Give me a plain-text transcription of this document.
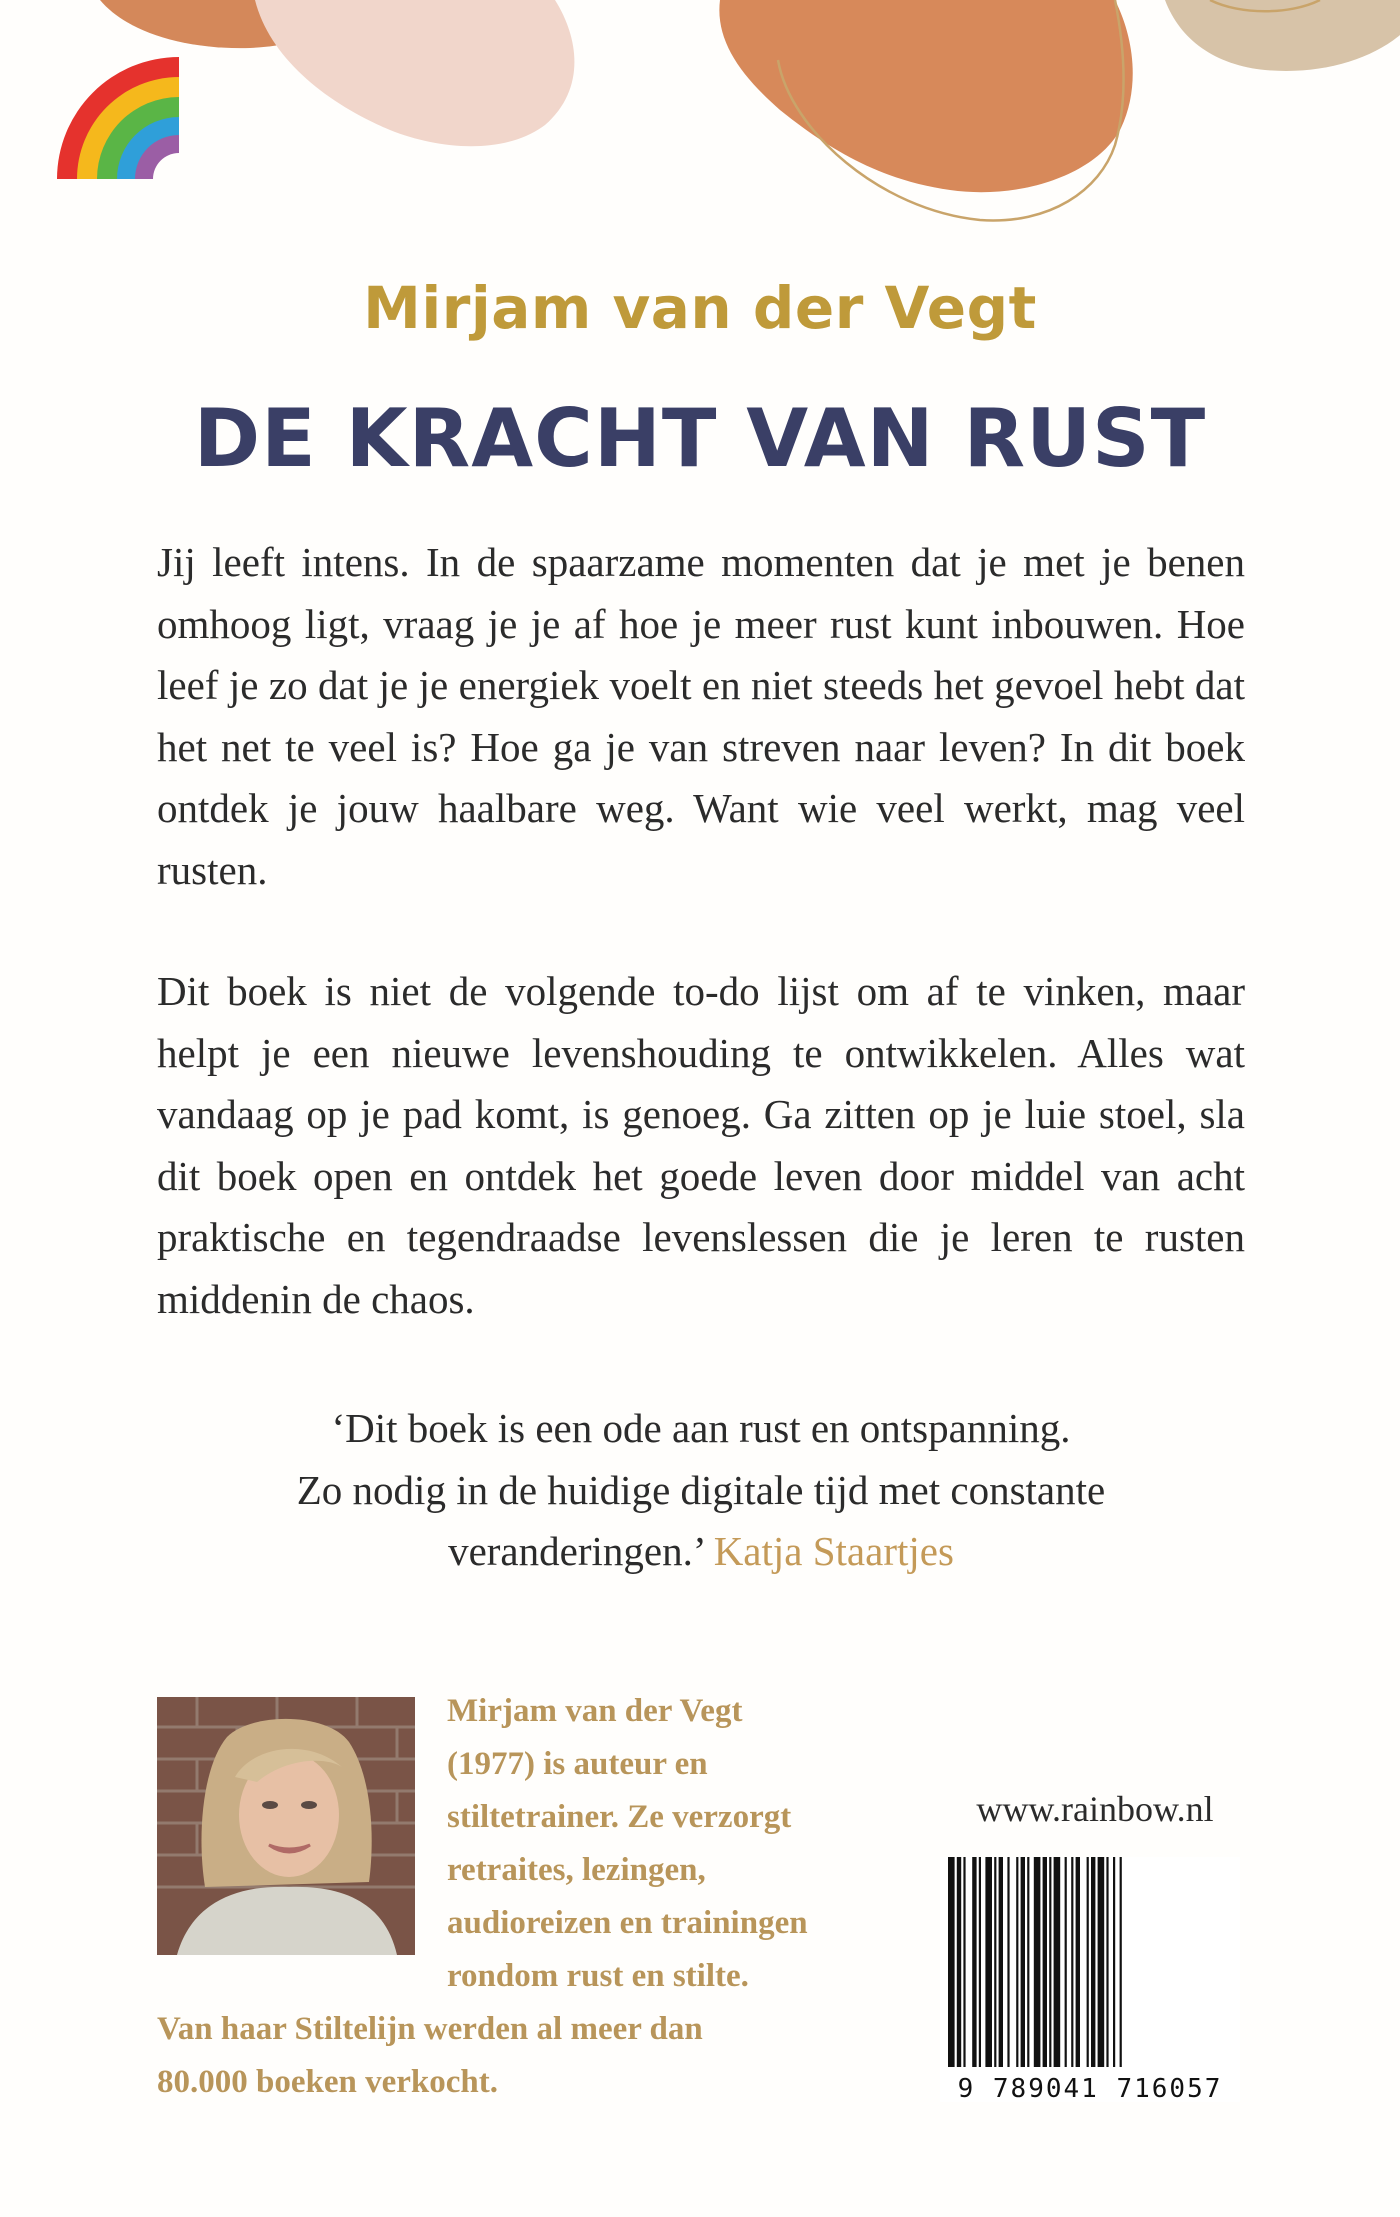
Mirjam van der Vegt
DE KRACHT VAN RUST

Jij leeft intens. In de spaarzame momenten dat je met je benen omhoog ligt, vraag je je af hoe je meer rust kunt inbouwen. Hoe leef je zo dat je je energiek voelt en niet steeds het gevoel hebt dat het net te veel is? Hoe ga je van streven naar leven? In dit boek ontdek je jouw haalbare weg. Want wie veel werkt, mag veel rusten.

Dit boek is niet de volgende to-do lijst om af te vinken, maar helpt je een nieuwe levenshouding te ontwikkelen. Alles wat vandaag op je pad komt, is genoeg. Ga zitten op je luie stoel, sla dit boek open en ontdek het goede leven door middel van acht praktische en tegendraadse levenslessen die je leren te rusten middenin de chaos.

‘Dit boek is een ode aan rust en ontspanning.
Zo nodig in de huidige digitale tijd met constante
veranderingen.’ Katja Staartjes

Mirjam van der Vegt
(1977) is auteur en
stiltetrainer. Ze verzorgt
retraites, lezingen,
audioreizen en trainingen
rondom rust en stilte.
Van haar Stiltelijn werden al meer dan
80.000 boeken verkocht.

www.rainbow.nl

9 789041 716057
